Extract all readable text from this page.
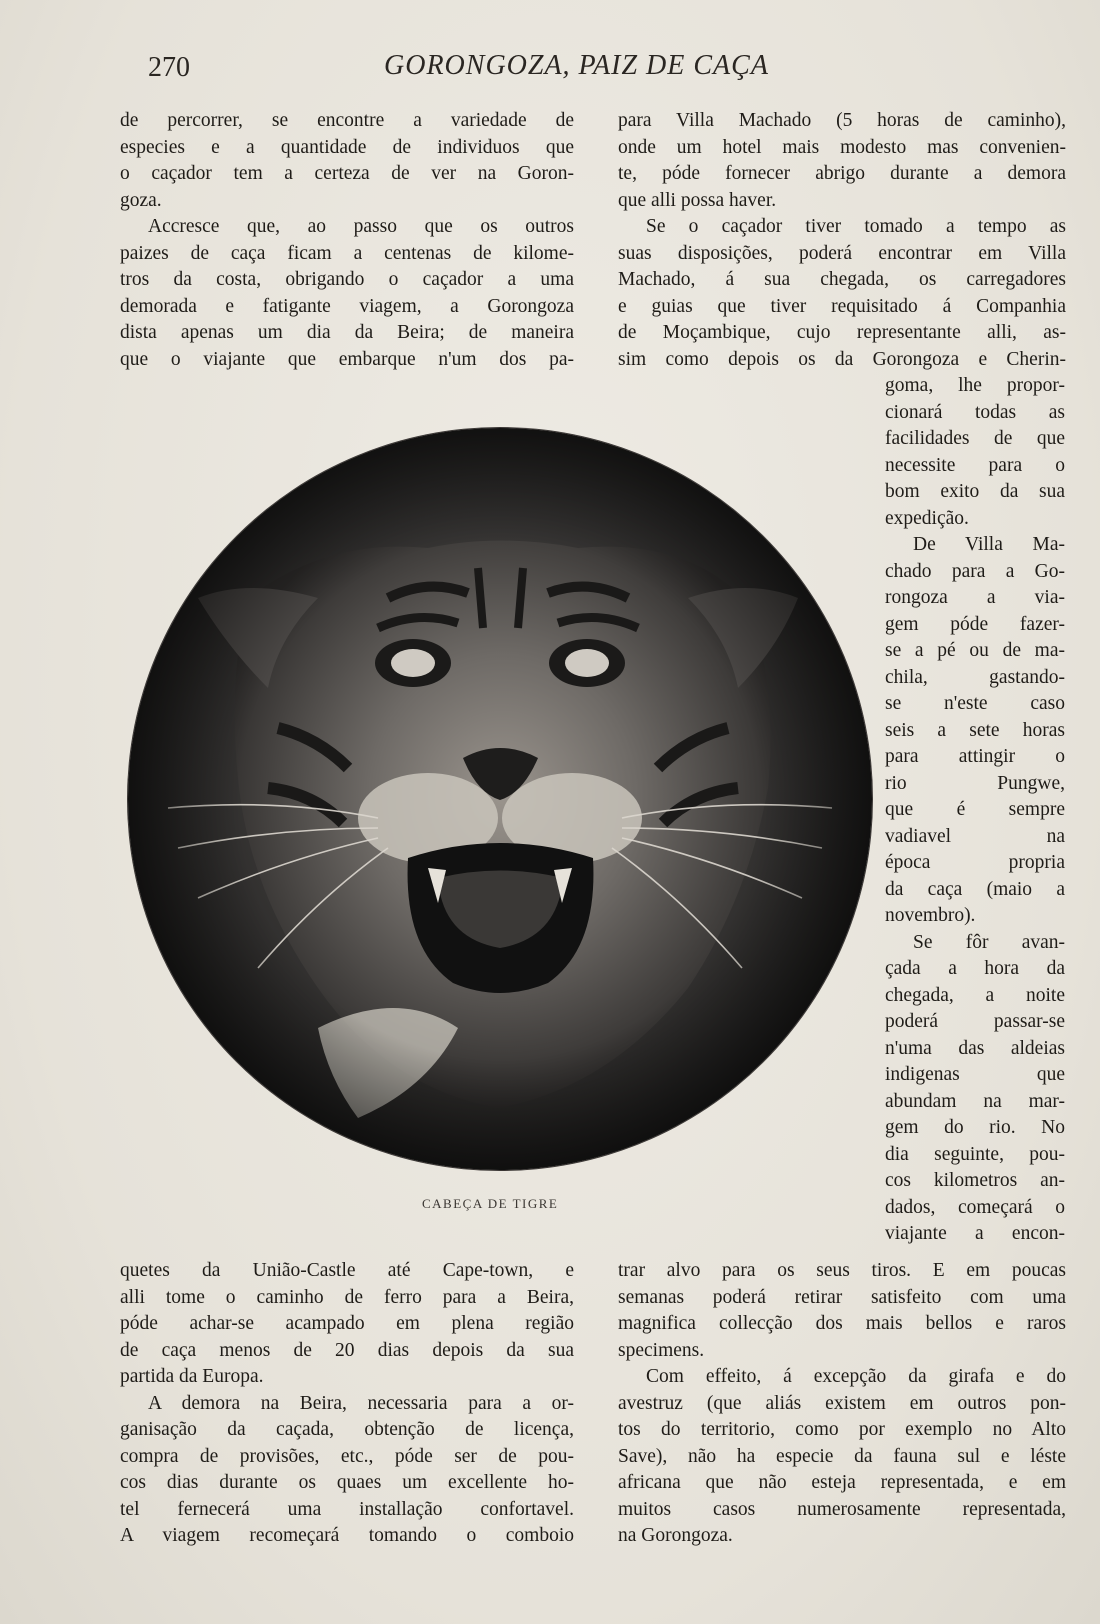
270	GORONGOZA, PAIZ DE CAÇA
de percorrer, se encontre a variedade de
especies e a quantidade de individuos que
o caçador tem a certeza de ver na Goron-
goza.
Accresce que, ao passo que os outros
paizes de caça ficam a centenas de kilome-
tros da costa, obrigando o caçador a uma
demorada e fatigante viagem, a Gorongoza
dista apenas um dia da Beira; de maneira
que o viajante que embarque n'um dos pa-
para Villa Machado (5 horas de caminho),
onde um hotel mais modesto mas convenien-
te, póde fornecer abrigo durante a demora
que alli possa haver.
Se o caçador tiver tomado a tempo as
suas disposições, poderá encontrar em Villa
Machado, á sua chegada, os carregadores
e guias que tiver requisitado á Companhia
de Moçambique, cujo representante alli, as-
sim como depois os da Gorongoza e Cherin-
goma, lhe propor-
cionará todas as
facilidades de que
necessite para o
bom exito da sua
expedição.
De Villa Ma-
chado para a Go-
rongoza a via-
gem póde fazer-
se a pé ou de ma-
chila, gastando-
se n'este caso
seis a sete horas
para attingir o
rio Pungwe,
que é sempre
vadiavel na
época propria
da caça (maio a
novembro).
Se fôr avan-
çada a hora da
chegada, a noite
poderá passar-se
n'uma das aldeias
indigenas que
abundam na mar-
gem do rio. No
dia seguinte, pou-
cos kilometros an-
dados, começará o
viajante a encon-
CABEÇA DE TIGRE
quetes da União-Castle até Cape-town, e
alli tome o caminho de ferro para a Beira,
póde achar-se acampado em plena região
de caça menos de 20 dias depois da sua
partida da Europa.
A demora na Beira, necessaria para a or-
ganisação da caçada, obtenção de licença,
compra de provisões, etc., póde ser de pou-
cos dias durante os quaes um excellente ho-
tel fernecerá uma installação confortavel.
A viagem recomeçará tomando o comboio
trar alvo para os seus tiros. E em poucas
semanas poderá retirar satisfeito com uma
magnifica collecção dos mais bellos e raros
specimens.
Com effeito, á excepção da girafa e do
avestruz (que aliás existem em outros pon-
tos do territorio, como por exemplo no Alto
Save), não ha especie da fauna sul e léste
africana que não esteja representada, e em
muitos casos numerosamente representada,
na Gorongoza.
